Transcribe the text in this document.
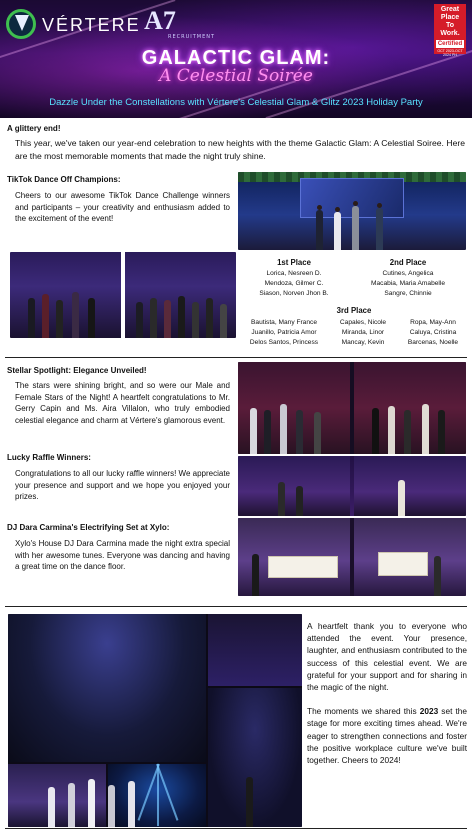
VÉRTERE A7
RECRUITMENT
Great
Place
To
Work.
Certified
OCT 2023-OCT 2024 PH
GALACTIC GLAM:
A Celestial Soirée
Dazzle Under the Constellations with Vértere's Celestial Glam & Glitz 2023 Holiday Party
A glittery end!
This year, we've taken our year-end celebration to new heights with the theme Galactic Glam: A Celestial Soiree. Here are the most memorable moments that made the night truly shine.
TikTok Dance Off Champions:
Cheers to our awesome TikTok Dance Challenge winners and participants – your creativity and enthusiasm added to the excitement of the event!
1st Place
Lorica, Nesreen D.
Mendoza, Gilmer C.
Siason, Norven Jhon B.
2nd Place
Cutines, Angelica
Macabia, Maria Amabelle
Sangre, Chinnie
3rd Place
Bautista, Many France
Juanillo, Patricia Amor
Delos Santos, Princess
Capales, Nicole
Miranda, Linor
Mancay, Kevin
Ropa, May-Ann
Caluya, Cristina
Barcenas, Noelle
Stellar Spotlight: Elegance Unveiled!
The stars were shining bright, and so were our Male and Female Stars of the Night! A heartfelt congratulations to Mr. Gerry Capin and Ms. Aira Villalon, who truly embodied celestial elegance and charm at Vértere's glamorous event.
Lucky Raffle Winners:
Congratulations to all our lucky raffle winners! We appreciate your presence and support and we hope you enjoyed your prizes.
DJ Dara Carmina's Electrifying Set at Xylo:
Xylo's House DJ Dara Carmina made the night extra special with her awesome tunes. Everyone was dancing and having a great time on the dance floor.

A heartfelt thank you to everyone who attended the event. Your presence, laughter, and enthusiasm contributed to the success of this celestial event. We are grateful for your support and for sharing in the magic of the night.

The moments we shared this 2023 set the stage for more exciting times ahead. We're eager to strengthen connections and foster the positive workplace culture we've built together. Cheers to 2024!
